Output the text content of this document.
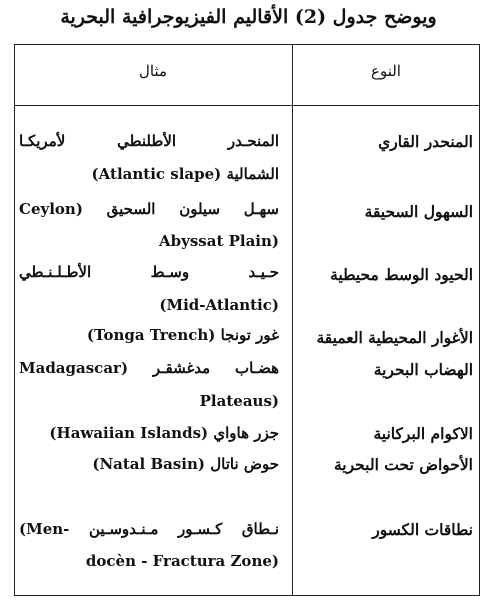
ويوضح جدول (2) الأقاليم الفيزيوجرافية البحرية
النوع
مثال
المنحدر القاري
المنحـدر الأطلنطي لأمريكـا
الشمالية (Atlantic slape)
السهول السحيقة
سهـل سيلون السحيق (Ceylon
Abyssat Plain)
الحيود الوسط محيطية
حـيـد وسـط الأطـلـنـطي
(Mid-Atlantic)
الأغوار المحيطية العميقة
غور تونجا (Tonga Trench)
الهضاب البحرية
هضـاب مدغشقـر (Madagascar
Plateaus)
الاكوام البركانية
جزر هاواي (Hawaiian Islands)
الأحواض تحت البحرية
حوض ناتال (Natal Basin)
نطاقات الكسور
نـطاق كـسـور مـنـدوسـين -Men)
docèn - Fractura Zone)
